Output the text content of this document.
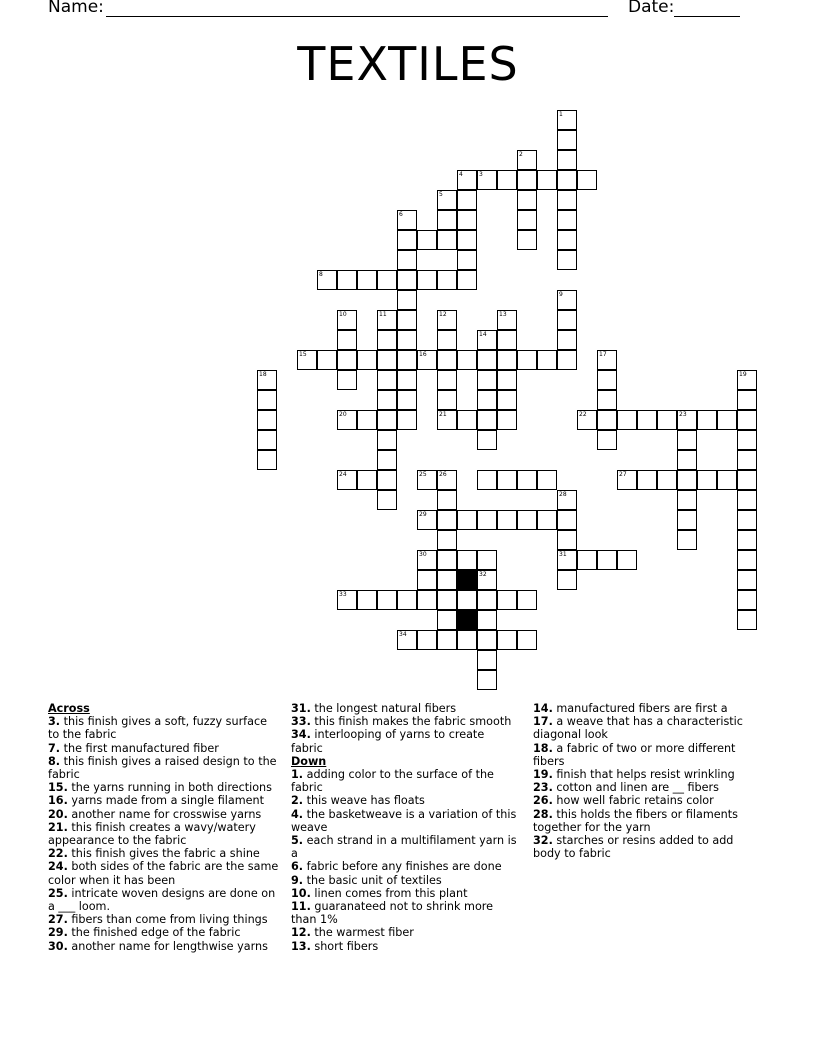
Name:	Date:
TEXTILES
1
2
3
4
5
6
8
9
10	11	12	13
14
15	16	17
18	19
20	21	22	23
24	25 26	27
28
29
30	31
32
33
34
Across
3. this finish gives a soft, fuzzy surface to the fabric
7. the first manufactured fiber
8. this finish gives a raised design to the fabric
15. the yarns running in both directions
16. yarns made from a single filament
20. another name for crosswise yarns
21. this finish creates a wavy/watery appearance to the fabric
22. this finish gives the fabric a shine
24. both sides of the fabric are the same color when it has been
25. intricate woven designs are done on a ___ loom.
27. fibers than come from living things
29. the finished edge of the fabric
30. another name for lengthwise yarns
31. the longest natural fibers
33. this finish makes the fabric smooth
34. interlooping of yarns to create fabric
Down
1. adding color to the surface of the fabric
2. this weave has floats
4. the basketweave is a variation of this weave
5. each strand in a multifilament yarn is a
6. fabric before any finishes are done
9. the basic unit of textiles
10. linen comes from this plant
11. guaranateed not to shrink more than 1%
12. the warmest fiber
13. short fibers
14. manufactured fibers are first a
17. a weave that has a characteristic diagonal look
18. a fabric of two or more different fibers
19. finish that helps resist wrinkling
23. cotton and linen are __ fibers
26. how well fabric retains color
28. this holds the fibers or filaments together for the yarn
32. starches or resins added to add body to fabric
